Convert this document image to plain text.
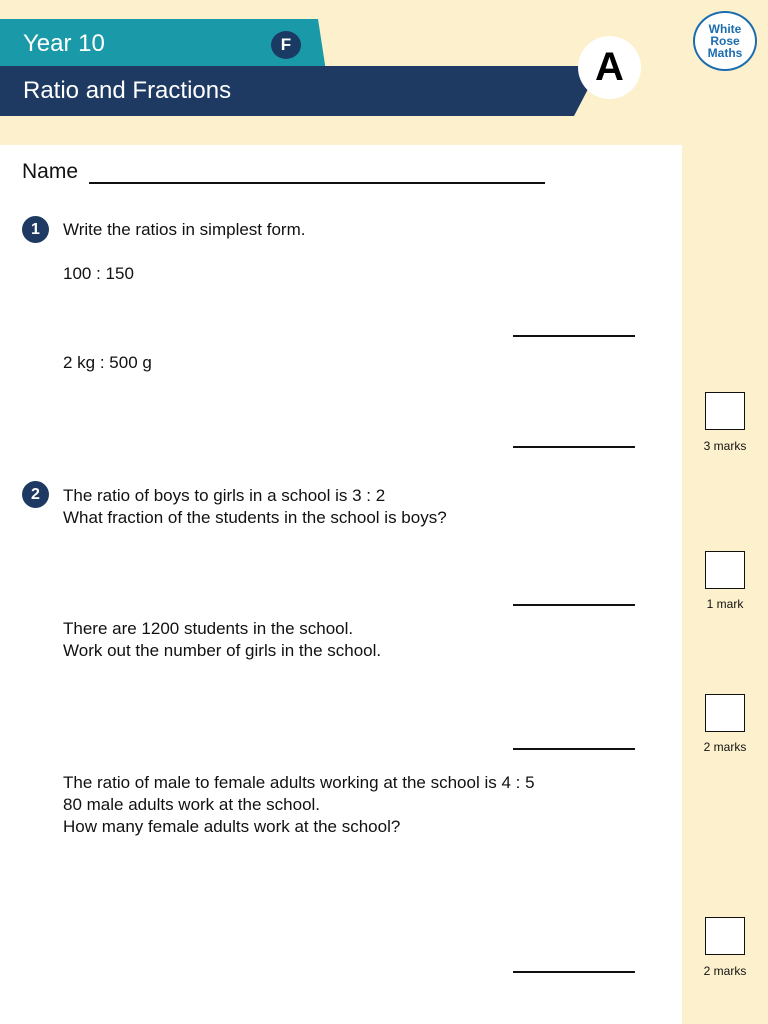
Year 10	F
Ratio and Fractions
A
White
Rose
Maths
Name
1	Write the ratios in simplest form.
100 : 150
2 kg : 500 g
2	The ratio of boys to girls in a school is 3 : 2
What fraction of the students in the school is boys?
There are 1200 students in the school.
Work out the number of girls in the school.
The ratio of male to female adults working at the school is 4 : 5
80 male adults work at the school.
How many female adults work at the school?
3 marks
1 mark
2 marks
2 marks
